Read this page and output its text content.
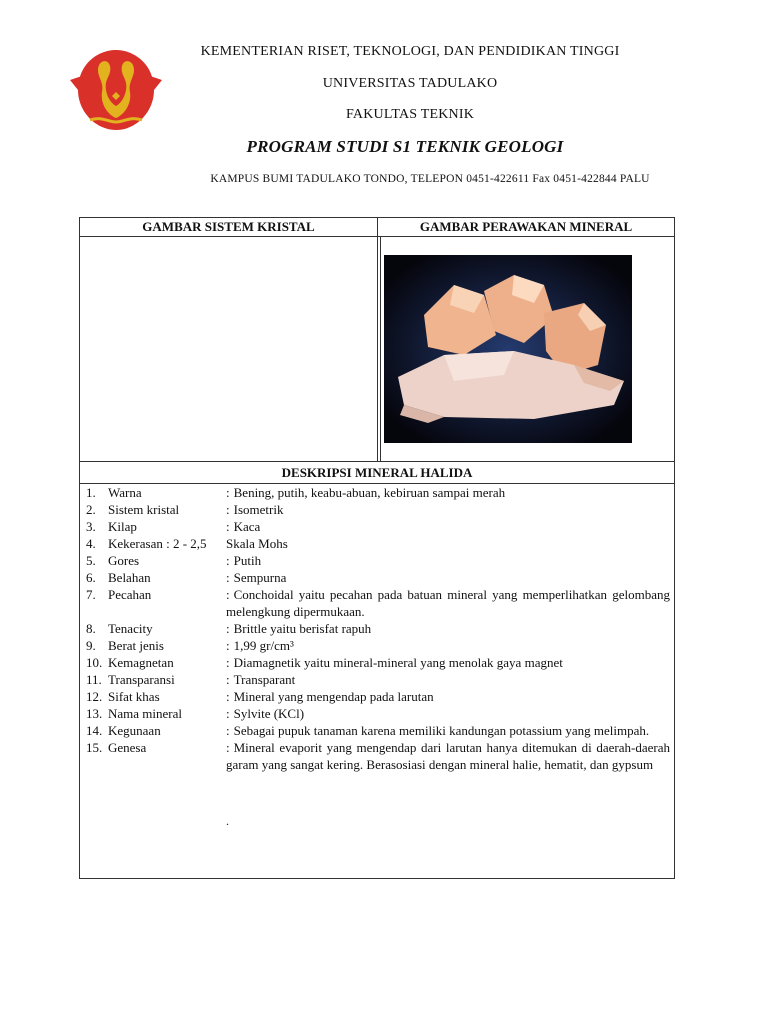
KEMENTERIAN RISET, TEKNOLOGI, DAN PENDIDIKAN TINGGI
UNIVERSITAS TADULAKO
FAKULTAS TEKNIK
PROGRAM STUDI S1 TEKNIK GEOLOGI
KAMPUS BUMI TADULAKO TONDO, TELEPON 0451-422611 Fax 0451-422844 PALU
GAMBAR SISTEM KRISTAL	GAMBAR PERAWAKAN MINERAL
DESKRIPSI MINERAL HALIDA
1. Warna	: Bening, putih, keabu-abuan, kebiruan sampai merah
2. Sistem kristal	: Isometrik
3. Kilap	: Kaca
4. Kekerasan : 2 - 2,5	Skala Mohs
5. Gores	: Putih
6. Belahan	: Sempurna
7. Pecahan	: Conchoidal yaitu pecahan pada batuan mineral yang memperlihatkan gelombang melengkung dipermukaan.
8. Tenacity	: Brittle yaitu berisfat rapuh
9. Berat jenis	: 1,99 gr/cm³
10. Kemagnetan	: Diamagnetik yaitu mineral-mineral yang menolak gaya magnet
11. Transparansi	: Transparant
12. Sifat khas	: Mineral yang mengendap pada larutan
13. Nama mineral	: Sylvite (KCl)
14. Kegunaan	: Sebagai pupuk tanaman karena memiliki kandungan potassium yang melimpah.
15. Genesa	: Mineral evaporit yang mengendap dari larutan hanya ditemukan di daerah-daerah garam yang sangat kering. Berasosiasi dengan mineral halie, hematit, dan gypsum
.
